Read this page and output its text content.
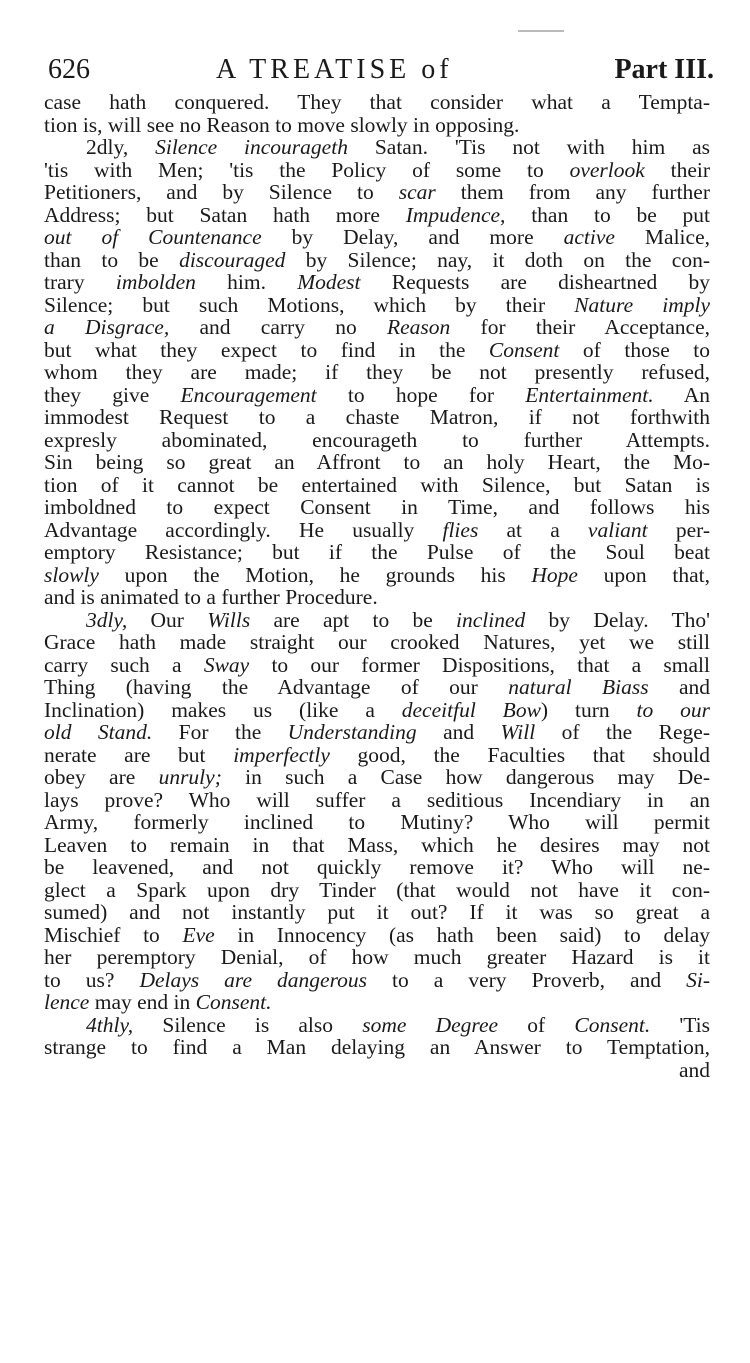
626	A TREATISE of	Part III.
case hath conquered. They that consider what a Tempta-
tion is, will see no Reason to move slowly in opposing.
2dly, Silence incourageth Satan. 'Tis not with him as
'tis with Men; 'tis the Policy of some to overlook their
Petitioners, and by Silence to scar them from any further
Address; but Satan hath more Impudence, than to be put
out of Countenance by Delay, and more active Malice,
than to be discouraged by Silence; nay, it doth on the con-
trary imbolden him. Modest Requests are disheartned by
Silence; but such Motions, which by their Nature imply
a Disgrace, and carry no Reason for their Acceptance,
but what they expect to find in the Consent of those to
whom they are made; if they be not presently refused,
they give Encouragement to hope for Entertainment. An
immodest Request to a chaste Matron, if not forthwith
expresly abominated, encourageth to further Attempts.
Sin being so great an Affront to an holy Heart, the Mo-
tion of it cannot be entertained with Silence, but Satan is
imboldned to expect Consent in Time, and follows his
Advantage accordingly. He usually flies at a valiant per-
emptory Resistance; but if the Pulse of the Soul beat
slowly upon the Motion, he grounds his Hope upon that,
and is animated to a further Procedure.
3dly, Our Wills are apt to be inclined by Delay. Tho'
Grace hath made straight our crooked Natures, yet we still
carry such a Sway to our former Dispositions, that a small
Thing (having the Advantage of our natural Biass and
Inclination) makes us (like a deceitful Bow) turn to our
old Stand. For the Understanding and Will of the Rege-
nerate are but imperfectly good, the Faculties that should
obey are unruly; in such a Case how dangerous may De-
lays prove? Who will suffer a seditious Incendiary in an
Army, formerly inclined to Mutiny? Who will permit
Leaven to remain in that Mass, which he desires may not
be leavened, and not quickly remove it? Who will ne-
glect a Spark upon dry Tinder (that would not have it con-
sumed) and not instantly put it out? If it was so great a
Mischief to Eve in Innocency (as hath been said) to delay
her peremptory Denial, of how much greater Hazard is it
to us? Delays are dangerous to a very Proverb, and Si-
lence may end in Consent.
4thly, Silence is also some Degree of Consent. 'Tis
strange to find a Man delaying an Answer to Temptation,
and
